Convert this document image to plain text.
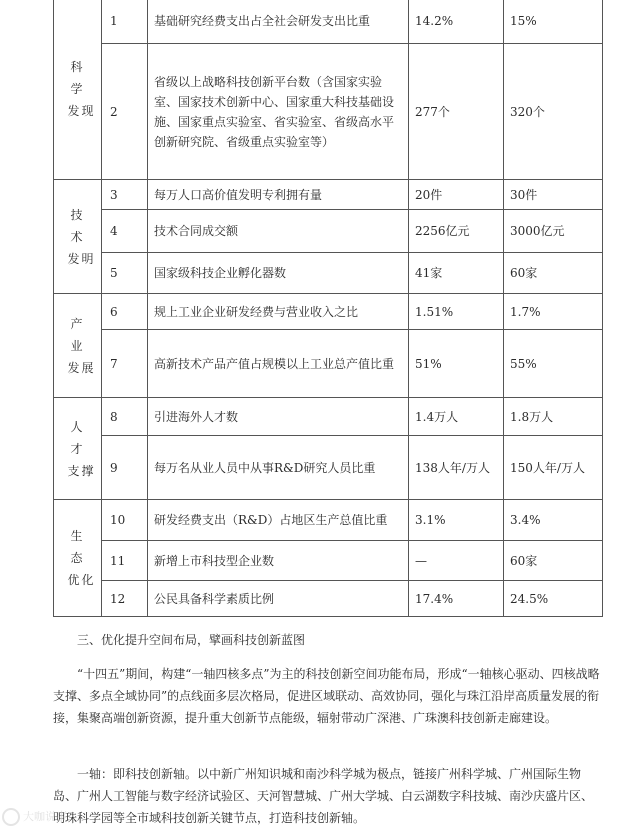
科学
发现	1	基础研究经费支出占全社会研发支出比重	14.2%	15%
	2	省级以上战略科技创新平台数（含国家实验室、国家技术创新中心、国家重大科技基础设施、国家重点实验室、省实验室、省级高水平创新研究院、省级重点实验室等）	277个	320个
技术
发明	3	每万人口高价值发明专利拥有量	20件	30件
	4	技术合同成交额	2256亿元	3000亿元
	5	国家级科技企业孵化器数	41家	60家
产业
发展	6	规上工业企业研发经费与营业收入之比	1.51%	1.7%
	7	高新技术产品产值占规模以上工业总产值比重	51%	55%
人才
支撑	8	引进海外人才数	1.4万人	1.8万人
	9	每万名从业人员中从事R&D研究人员比重	138人年/万人	150人年/万人
生态
优化	10	研发经费支出（R&D）占地区生产总值比重	3.1%	3.4%
	11	新增上市科技型企业数	—	60家
	12	公民具备科学素质比例	17.4%	24.5%

三、优化提升空间布局，擘画科技创新蓝图

“十四五”期间，构建“一轴四核多点”为主的科技创新空间功能布局，形成“一轴核心驱动、四核战略支撑、多点全域协同”的点线面多层次格局，促进区域联动、高效协同，强化与珠江沿岸高质量发展的衔接，集聚高端创新资源，提升重大创新节点能级，辐射带动广深港、广珠澳科技创新走廊建设。

一轴：即科技创新轴。以中新广州知识城和南沙科学城为极点，链接广州科学城、广州国际生物岛、广州人工智能与数字经济试验区、天河智慧城、广州大学城、白云湖数字科技城、南沙庆盛片区、明珠科学园等全市域科技创新关键节点，打造科技创新轴。

大咖说事
